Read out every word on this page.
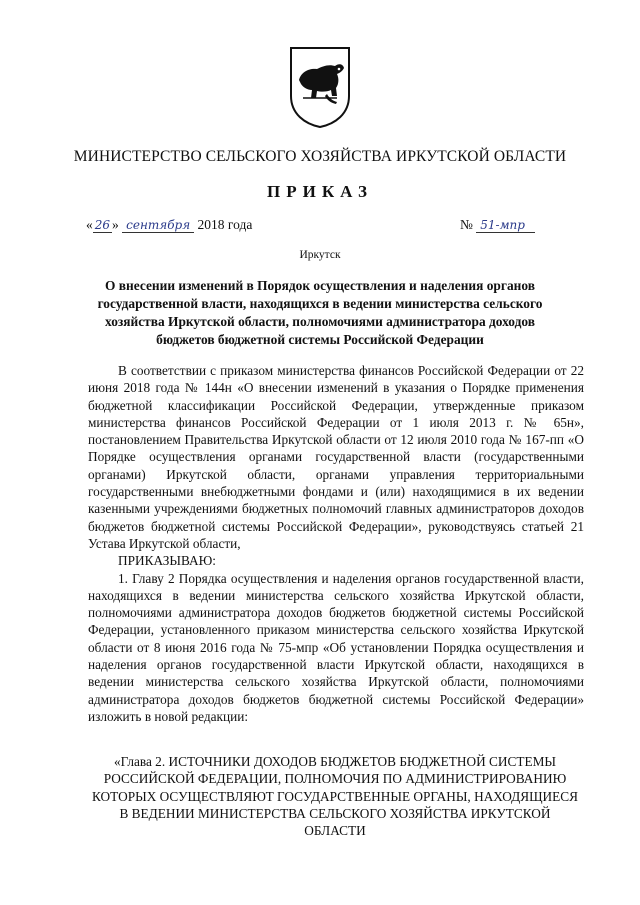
МИНИСТЕРСТВО СЕЛЬСКОГО ХОЗЯЙСТВА ИРКУТСКОЙ ОБЛАСТИ
ПРИКАЗ
« 26 » сентября 2018 года	№ 51-мпр
Иркутск
О внесении изменений в Порядок осуществления и наделения органов государственной власти, находящихся в ведении министерства сельского хозяйства Иркутской области, полномочиями администратора доходов бюджетов бюджетной системы Российской Федерации

В соответствии с приказом министерства финансов Российской Федерации от 22 июня 2018 года № 144н «О внесении изменений в указания о Порядке применения бюджетной классификации Российской Федерации, утвержденные приказом министерства финансов Российской Федерации от 1 июля 2013 г. № 65н», постановлением Правительства Иркутской области от 12 июля 2010 года № 167-пп «О Порядке осуществления органами государственной власти (государственными органами) Иркутской области, органами управления территориальными государственными внебюджетными фондами и (или) находящимися в их ведении казенными учреждениями бюджетных полномочий главных администраторов доходов бюджетов бюджетной системы Российской Федерации», руководствуясь статьей 21 Устава Иркутской области,

ПРИКАЗЫВАЮ:

1. Главу 2 Порядка осуществления и наделения органов государственной власти, находящихся в ведении министерства сельского хозяйства Иркутской области, полномочиями администратора доходов бюджетов бюджетной системы Российской Федерации, установленного приказом министерства сельского хозяйства Иркутской области от 8 июня 2016 года № 75-мпр «Об установлении Порядка осуществления и наделения органов государственной власти Иркутской области, находящихся в ведении министерства сельского хозяйства Иркутской области, полномочиями администратора доходов бюджетов бюджетной системы Российской Федерации» изложить в новой редакции:

«Глава 2. ИСТОЧНИКИ ДОХОДОВ БЮДЖЕТОВ БЮДЖЕТНОЙ СИСТЕМЫ РОССИЙСКОЙ ФЕДЕРАЦИИ, ПОЛНОМОЧИЯ ПО АДМИНИСТРИРОВАНИЮ КОТОРЫХ ОСУЩЕСТВЛЯЮТ ГОСУДАРСТВЕННЫЕ ОРГАНЫ, НАХОДЯЩИЕСЯ В ВЕДЕНИИ МИНИСТЕРСТВА СЕЛЬСКОГО ХОЗЯЙСТВА ИРКУТСКОЙ ОБЛАСТИ
